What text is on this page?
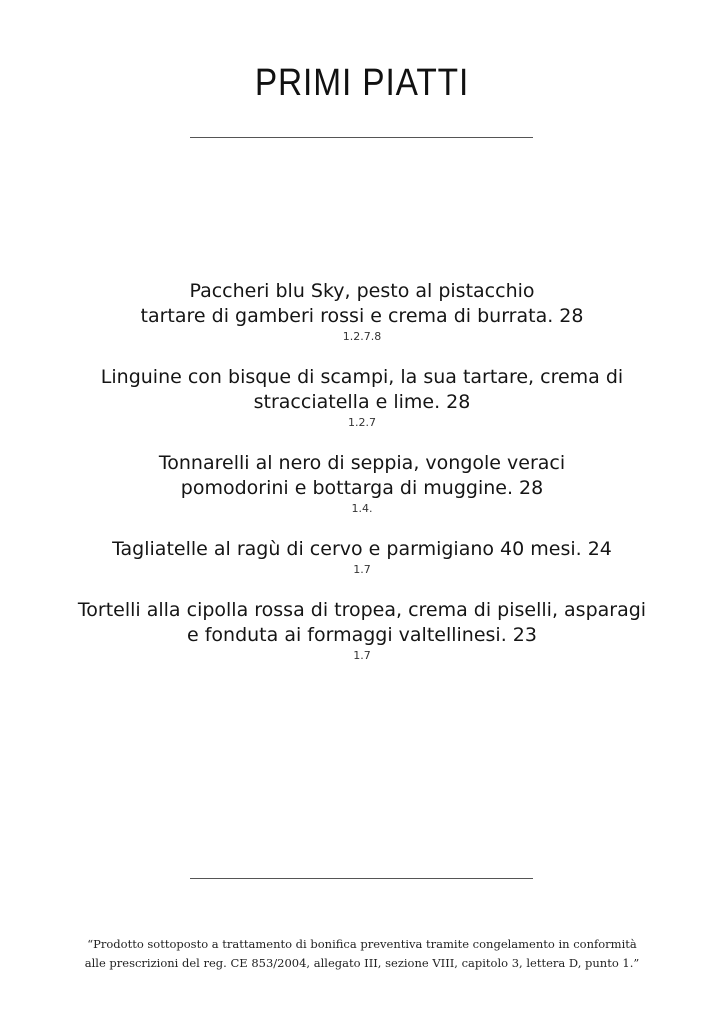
PRIMI PIATTI
Paccheri blu Sky, pesto al pistacchio
tartare di gamberi rossi e crema di burrata. 28
1.2.7.8
Linguine con bisque di scampi, la sua tartare, crema di
stracciatella e lime. 28
1.2.7
Tonnarelli al nero di seppia, vongole veraci
pomodorini e bottarga di muggine. 28
1.4.
Tagliatelle al ragù di cervo e parmigiano 40 mesi. 24
1.7
Tortelli alla cipolla rossa di tropea, crema di piselli, asparagi
e fonduta ai formaggi valtellinesi. 23
1.7

“Prodotto sottoposto a trattamento di bonifica preventiva tramite congelamento in conformità
alle prescrizioni del reg. CE 853/2004, allegato III, sezione VIII, capitolo 3, lettera D, punto 1.”
